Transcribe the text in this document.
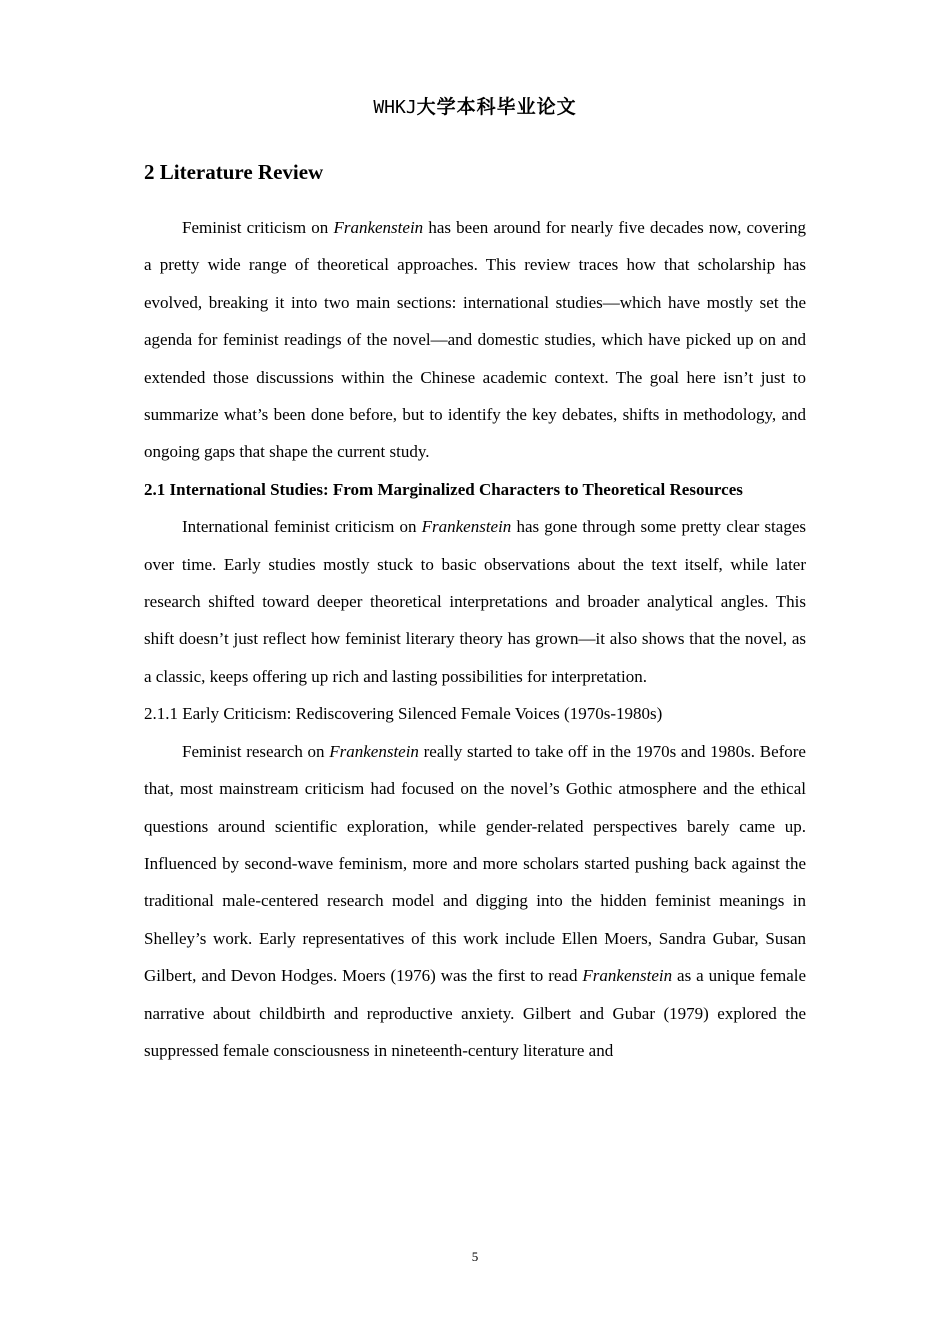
WHKJ大学本科毕业论文
2 Literature Review

Feminist criticism on Frankenstein has been around for nearly five decades now, covering a pretty wide range of theoretical approaches. This review traces how that scholarship has evolved, breaking it into two main sections: international studies—which have mostly set the agenda for feminist readings of the novel—and domestic studies, which have picked up on and extended those discussions within the Chinese academic context. The goal here isn’t just to summarize what’s been done before, but to identify the key debates, shifts in methodology, and ongoing gaps that shape the current study.

2.1 International Studies: From Marginalized Characters to Theoretical Resources

International feminist criticism on Frankenstein has gone through some pretty clear stages over time. Early studies mostly stuck to basic observations about the text itself, while later research shifted toward deeper theoretical interpretations and broader analytical angles. This shift doesn’t just reflect how feminist literary theory has grown—it also shows that the novel, as a classic, keeps offering up rich and lasting possibilities for interpretation.

2.1.1 Early Criticism: Rediscovering Silenced Female Voices (1970s-1980s)

Feminist research on Frankenstein really started to take off in the 1970s and 1980s. Before that, most mainstream criticism had focused on the novel’s Gothic atmosphere and the ethical questions around scientific exploration, while gender-related perspectives barely came up. Influenced by second-wave feminism, more and more scholars started pushing back against the traditional male-centered research model and digging into the hidden feminist meanings in Shelley’s work. Early representatives of this work include Ellen Moers, Sandra Gubar, Susan Gilbert, and Devon Hodges. Moers (1976) was the first to read Frankenstein as a unique female narrative about childbirth and reproductive anxiety. Gilbert and Gubar (1979) explored the suppressed female consciousness in nineteenth-century literature and

5
